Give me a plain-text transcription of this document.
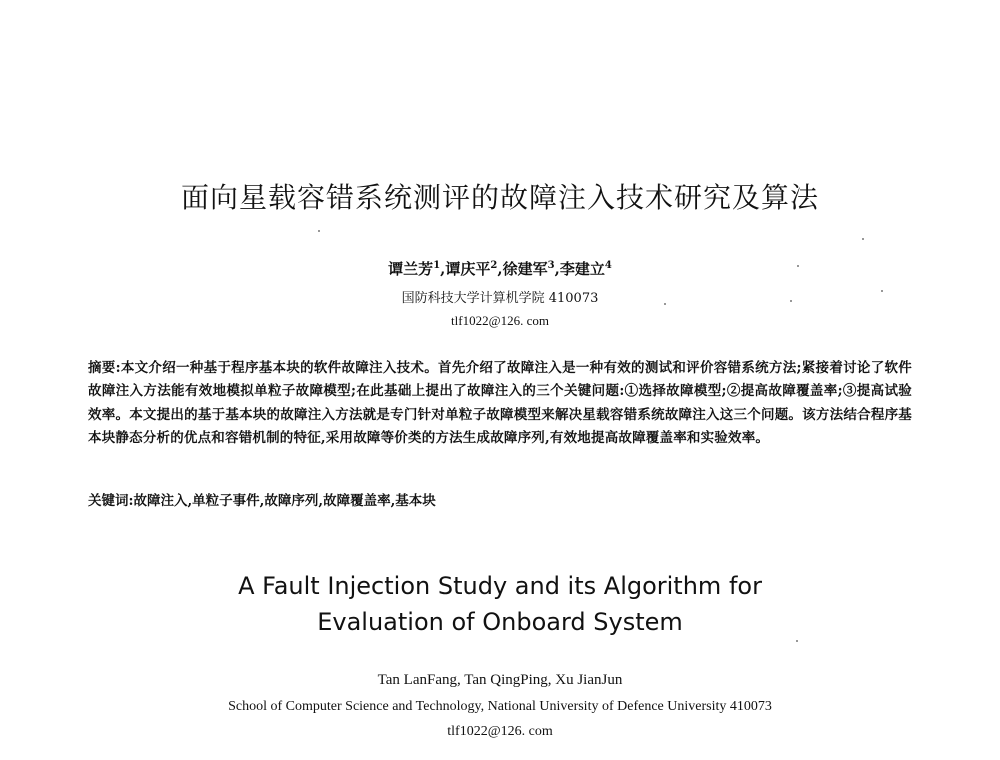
面向星载容错系统测评的故障注入技术研究及算法
谭兰芳$^1$,谭庆平$^2$,徐建军$^3$,李建立$^4$
国防科技大学计算机学院 410073
tlf1022@126. com
摘要:本文介绍一种基于程序基本块的软件故障注入技术。首先介绍了故障注入是一种有效的测试和评价容错系统方法;紧接着讨论了软件故障注入方法能有效地模拟单粒子故障模型;在此基础上提出了故障注入的三个关键问题:①选择故障模型;②提高故障覆盖率;③提高试验效率。本文提出的基于基本块的故障注入方法就是专门针对单粒子故障模型来解决星载容错系统故障注入这三个问题。该方法结合程序基本块静态分析的优点和容错机制的特征,采用故障等价类的方法生成故障序列,有效地提高故障覆盖率和实验效率。
关键词:故障注入,单粒子事件,故障序列,故障覆盖率,基本块
A Fault Injection Study and its Algorithm for
Evaluation of Onboard System
Tan LanFang, Tan QingPing, Xu JianJun
School of Computer Science and Technology, National University of Defence University 410073
tlf1022@126. com
